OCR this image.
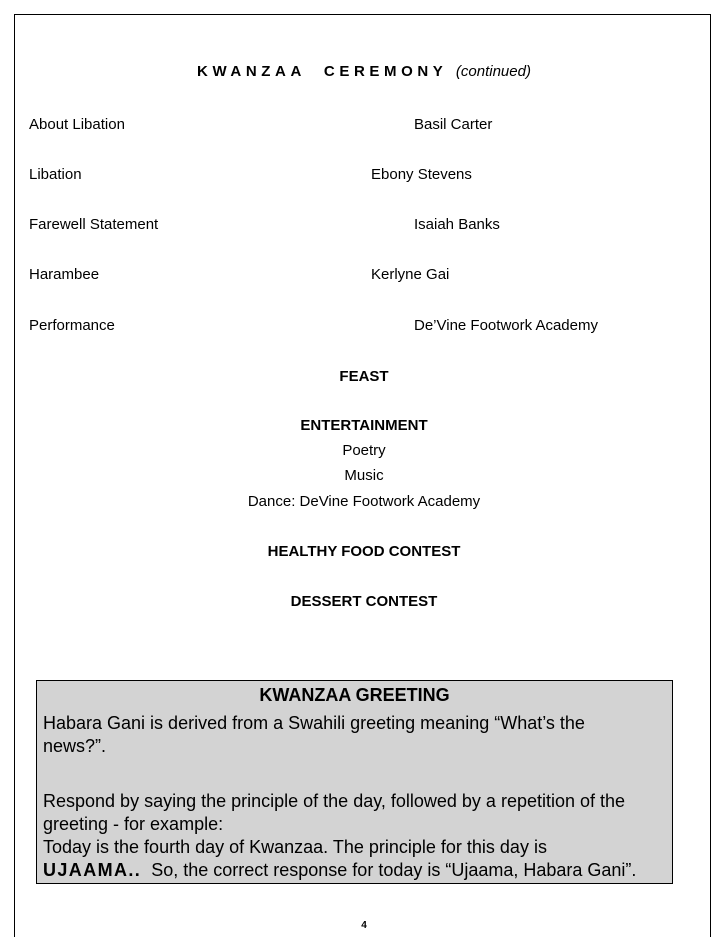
KWANZAA CEREMONY (continued)
About Libation	Basil Carter
Libation	Ebony Stevens
Farewell Statement	Isaiah Banks
Harambee	Kerlyne Gai
Performance	De’Vine Footwork Academy
FEAST
ENTERTAINMENT
Poetry
Music
Dance: DeVine Footwork Academy
HEALTHY FOOD CONTEST
DESSERT CONTEST
KWANZAA GREETING
Habara Gani is derived from a Swahili greeting meaning “What’s the
news?”.
Respond by saying the principle of the day, followed by a repetition of the
greeting - for example:
Today is the fourth day of Kwanzaa. The principle for this day is
UJAAMA..  So, the correct response for today is “Ujaama, Habara Gani”.
4
